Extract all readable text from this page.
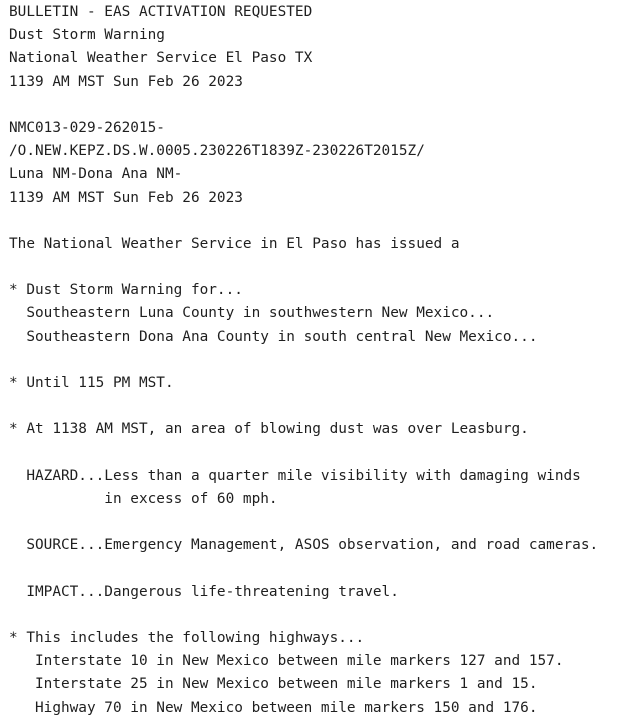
BULLETIN - EAS ACTIVATION REQUESTED
Dust Storm Warning
National Weather Service El Paso TX
1139 AM MST Sun Feb 26 2023
NMC013-029-262015-
/O.NEW.KEPZ.DS.W.0005.230226T1839Z-230226T2015Z/
Luna NM-Dona Ana NM-
1139 AM MST Sun Feb 26 2023
The National Weather Service in El Paso has issued a
* Dust Storm Warning for...
Southeastern Luna County in southwestern New Mexico...
Southeastern Dona Ana County in south central New Mexico...
* Until 115 PM MST.
* At 1138 AM MST, an area of blowing dust was over Leasburg.
HAZARD...Less than a quarter mile visibility with damaging winds
in excess of 60 mph.
SOURCE...Emergency Management, ASOS observation, and road cameras.
IMPACT...Dangerous life-threatening travel.
* This includes the following highways...
Interstate 10 in New Mexico between mile markers 127 and 157.
Interstate 25 in New Mexico between mile markers 1 and 15.
Highway 70 in New Mexico between mile markers 150 and 176.
